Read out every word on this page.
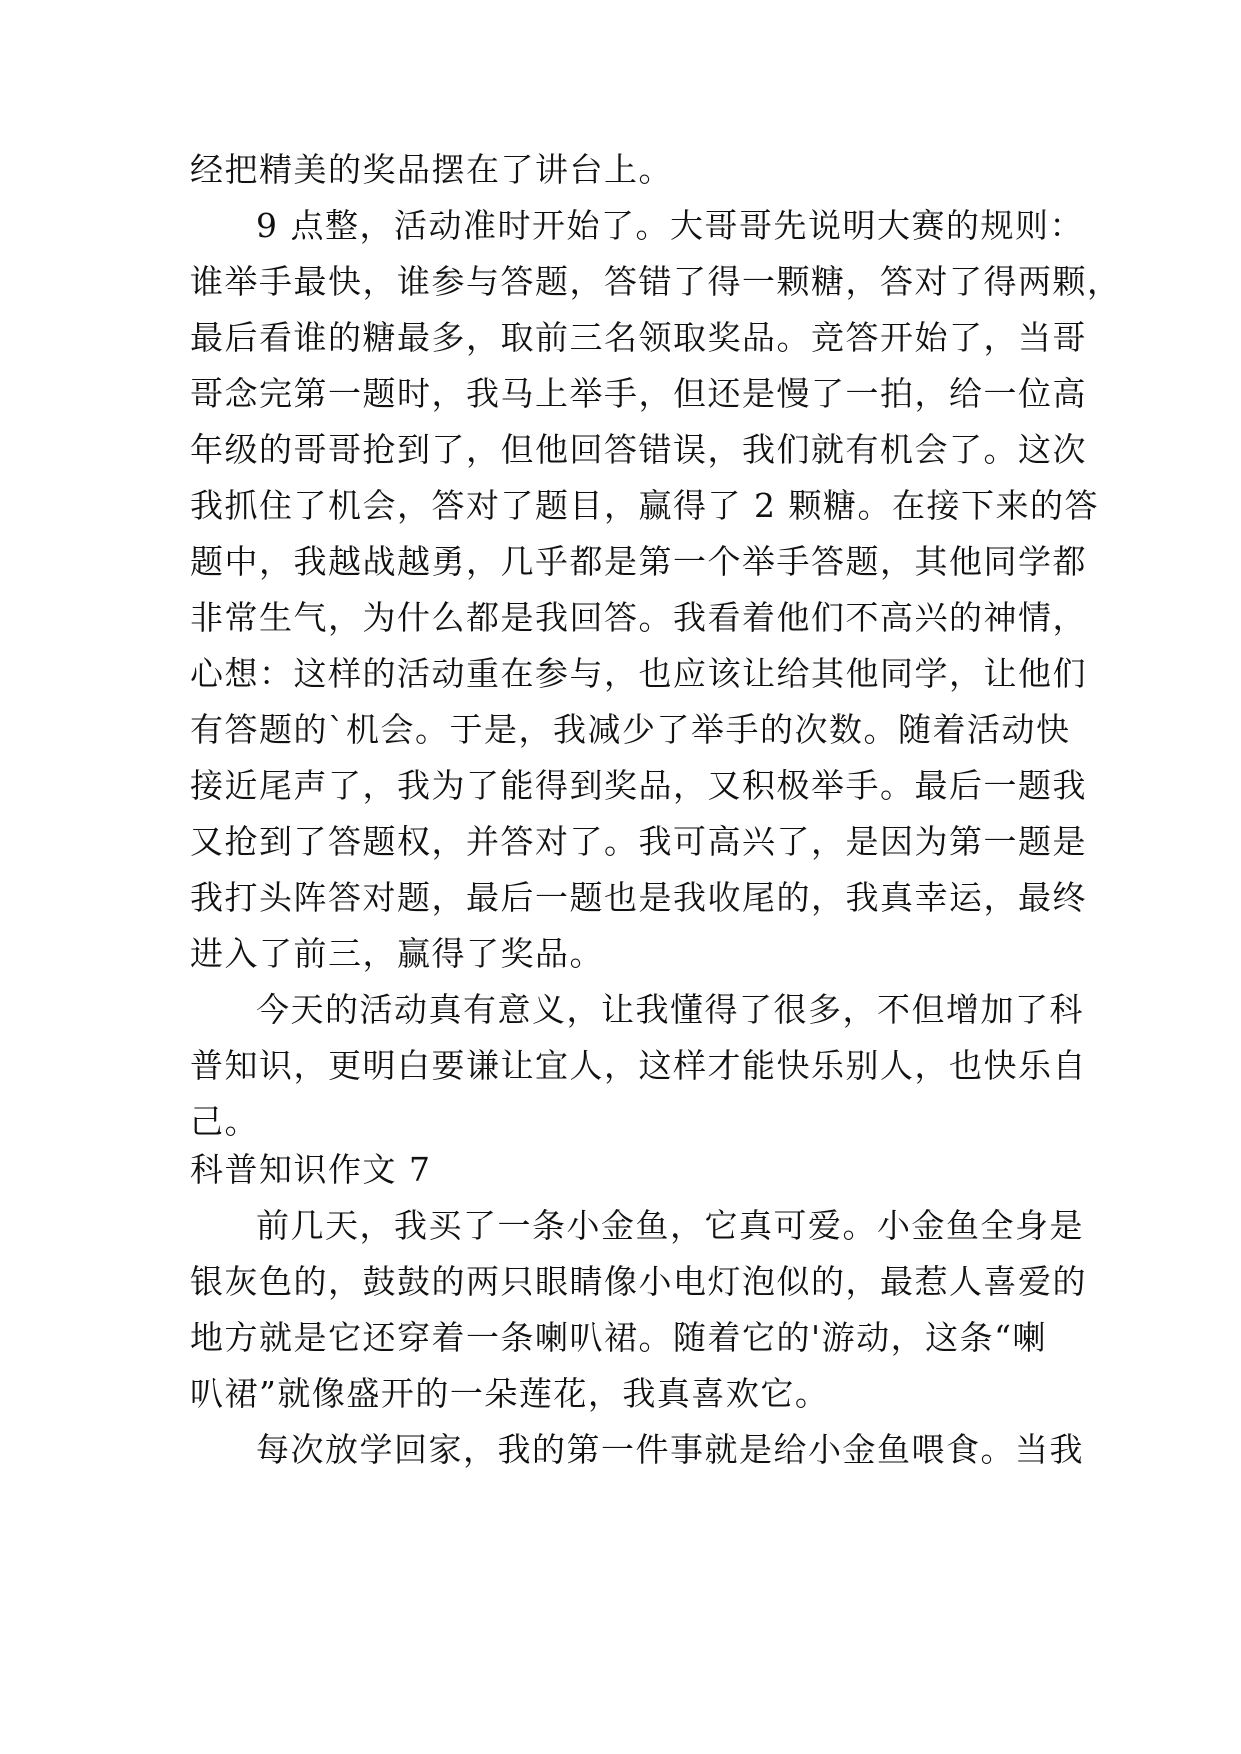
经把精美的奖品摆在了讲台上。
9 点整，活动准时开始了。大哥哥先说明大赛的规则：
谁举手最快，谁参与答题，答错了得一颗糖，答对了得两颗，
最后看谁的糖最多，取前三名领取奖品。竞答开始了，当哥
哥念完第一题时，我马上举手，但还是慢了一拍，给一位高
年级的哥哥抢到了，但他回答错误，我们就有机会了。这次
我抓住了机会，答对了题目，赢得了 2 颗糖。在接下来的答
题中，我越战越勇，几乎都是第一个举手答题，其他同学都
非常生气，为什么都是我回答。我看着他们不高兴的神情，
心想：这样的活动重在参与，也应该让给其他同学，让他们
有答题的`机会。于是，我减少了举手的次数。随着活动快
接近尾声了，我为了能得到奖品，又积极举手。最后一题我
又抢到了答题权，并答对了。我可高兴了，是因为第一题是
我打头阵答对题，最后一题也是我收尾的，我真幸运，最终
进入了前三，赢得了奖品。
今天的活动真有意义，让我懂得了很多，不但增加了科
普知识，更明白要谦让宜人，这样才能快乐别人，也快乐自
己。
科普知识作文 7
前几天，我买了一条小金鱼，它真可爱。小金鱼全身是
银灰色的，鼓鼓的两只眼睛像小电灯泡似的，最惹人喜爱的
地方就是它还穿着一条喇叭裙。随着它的'游动，这条“喇
叭裙”就像盛开的一朵莲花，我真喜欢它。
每次放学回家，我的第一件事就是给小金鱼喂食。当我
